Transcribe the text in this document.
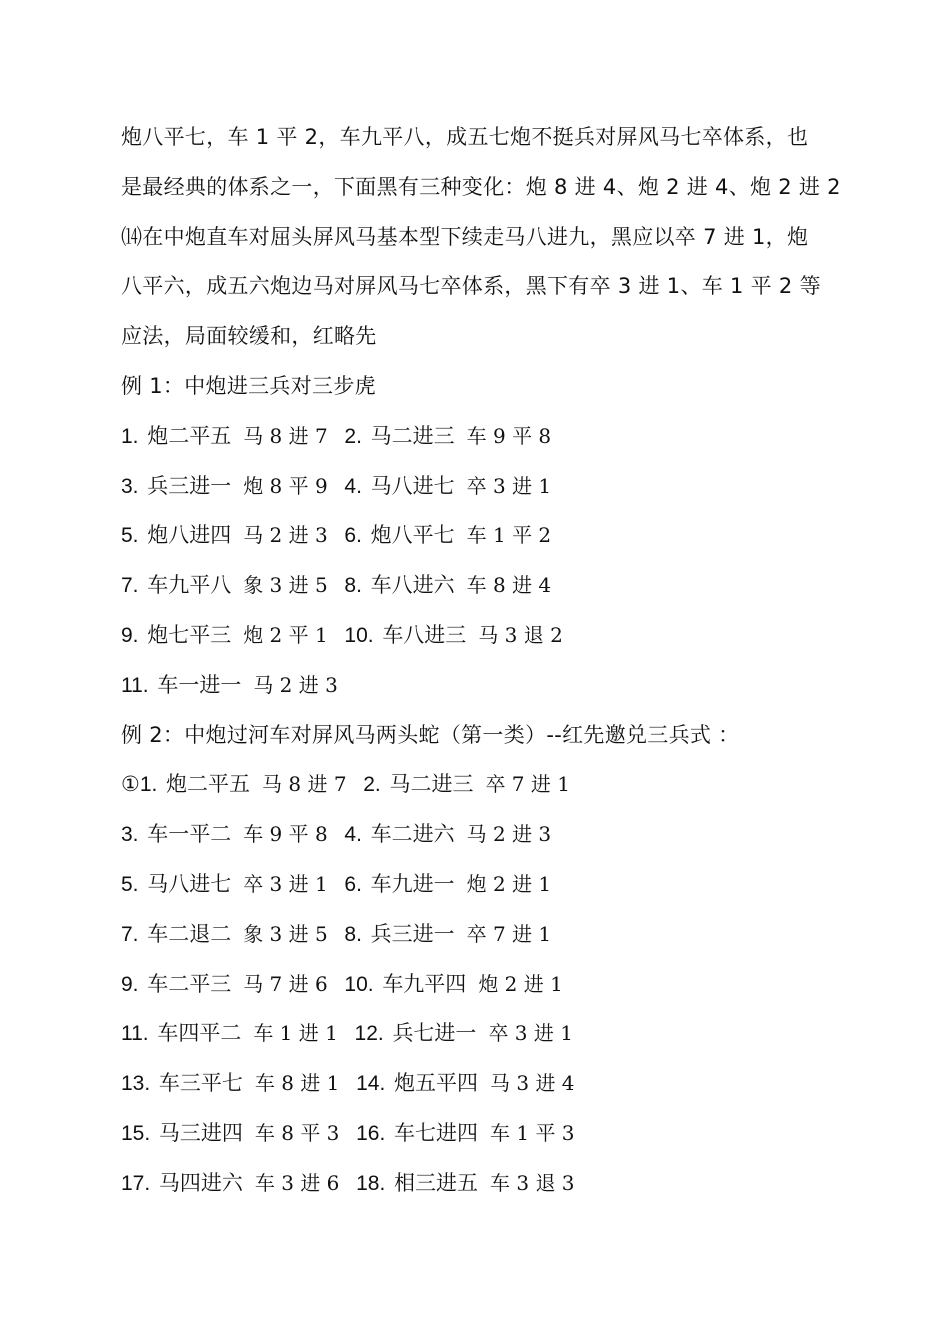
炮八平七，车 1 平 2，车九平八，成五七炮不挺兵对屏风马七卒体系，也
是最经典的体系之一，下面黑有三种变化：炮 8 进 4、炮 2 进 4、炮 2 进 2
⒁在中炮直车对屈头屏风马基本型下续走马八进九，黑应以卒 7 进 1，炮
八平六，成五六炮边马对屏风马七卒体系，黑下有卒 3 进 1、车 1 平 2 等
应法，局面较缓和，红略先
例 1：中炮进三兵对三步虎
1. 炮二平五 马 8 进 7 2. 马二进三 车 9 平 8
3. 兵三进一 炮 8 平 9 4. 马八进七 卒 3 进 1
5. 炮八进四 马 2 进 3 6. 炮八平七 车 1 平 2
7. 车九平八 象 3 进 5 8. 车八进六 车 8 进 4
9. 炮七平三 炮 2 平 1 10. 车八进三 马 3 退 2
11. 车一进一 马 2 进 3
例 2：中炮过河车对屏风马两头蛇（第一类）--红先邀兑三兵式 ：
①1. 炮二平五 马 8 进 7 2. 马二进三 卒 7 进 1
3. 车一平二 车 9 平 8 4. 车二进六 马 2 进 3
5. 马八进七 卒 3 进 1 6. 车九进一 炮 2 进 1
7. 车二退二 象 3 进 5 8. 兵三进一 卒 7 进 1
9. 车二平三 马 7 进 6 10. 车九平四 炮 2 进 1
11. 车四平二 车 1 进 1 12. 兵七进一 卒 3 进 1
13. 车三平七 车 8 进 1 14. 炮五平四 马 3 进 4
15. 马三进四 车 8 平 3 16. 车七进四 车 1 平 3
17. 马四进六 车 3 进 6 18. 相三进五 车 3 退 3
